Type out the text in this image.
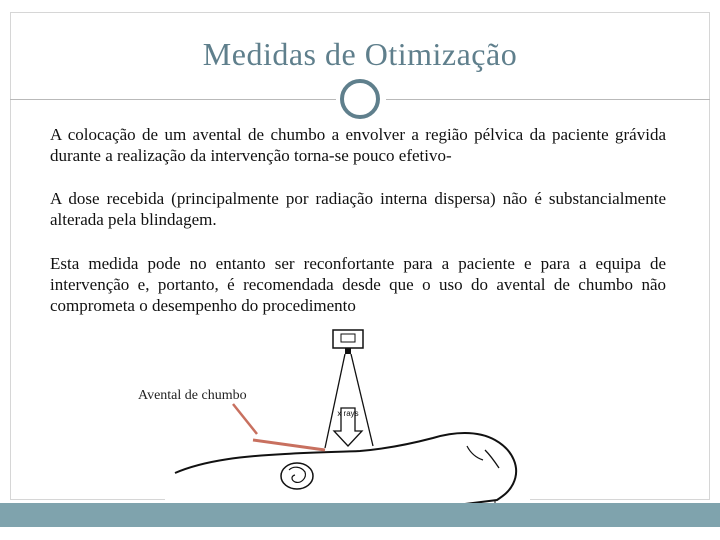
Medidas de Otimização

A colocação de um avental de chumbo a envolver a região pélvica da paciente grávida durante a realização da intervenção torna-se pouco efetivo-

A dose recebida (principalmente por radiação interna dispersa) não é substancialmente alterada pela blindagem.

Esta medida pode no entanto ser reconfortante para a paciente e para a equipa de intervenção e, portanto, é recomendada desde que o uso do avental de chumbo não comprometa o desempenho do procedimento

x rays
Avental de chumbo
